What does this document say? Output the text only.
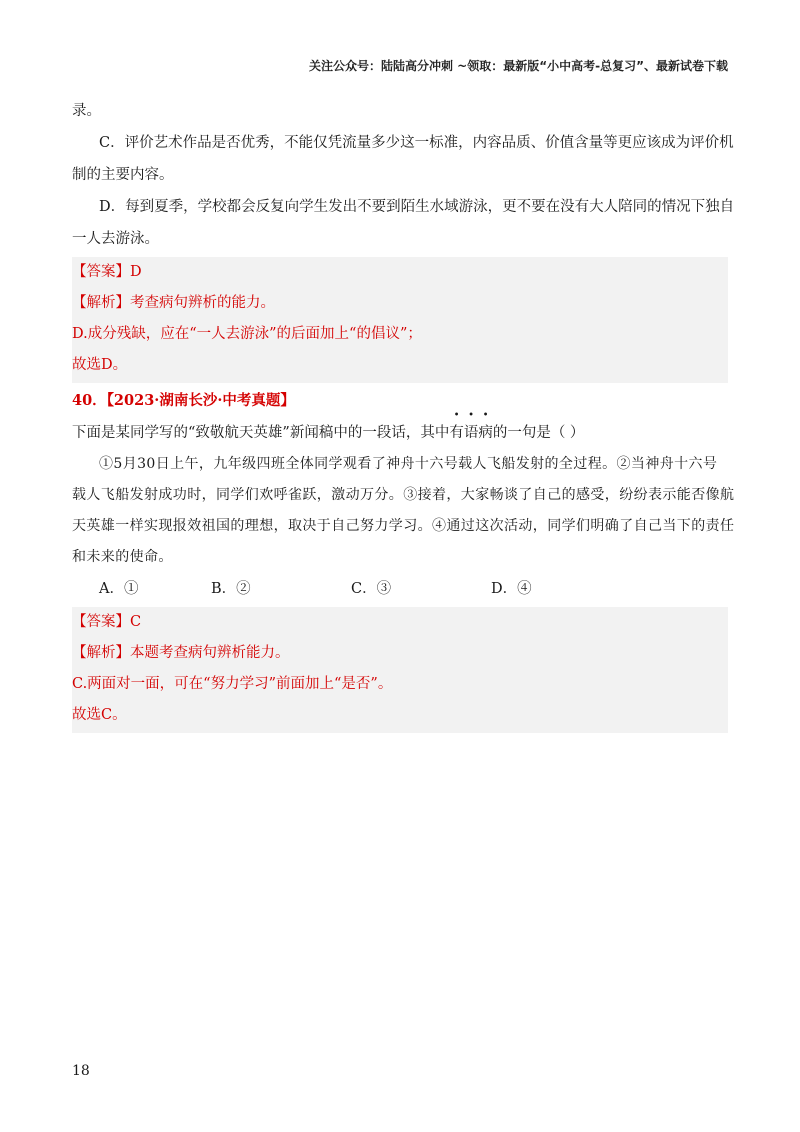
关注公众号：陆陆高分冲刺 ~领取：最新版“小中高考-总复习”、最新试卷下载
录。
C．评价艺术作品是否优秀，不能仅凭流量多少这一标准，内容品质、价值含量等更应该成为评价机
制的主要内容。
D．每到夏季，学校都会反复向学生发出不要到陌生水域游泳，更不要在没有大人陪同的情况下独自
一人去游泳。
【答案】D
【解析】考查病句辨析的能力。
D.成分残缺，应在“一人去游泳”的后面加上“的倡议”；
故选D。
40．【2023·湖南长沙·中考真题】
下面是某同学写的“致敬航天英雄”新闻稿中的一段话，其中
•
有
•
语
•
病的一句是（ ）
①5月30日上午，九年级四班全体同学观看了神舟十六号载人飞船发射的全过程。②当神舟十六号
载人飞船发射成功时，同学们欢呼雀跃，激动万分。③接着，大家畅谈了自己的感受，纷纷表示能否像航
天英雄一样实现报效祖国的理想，取决于自己努力学习。④通过这次活动，同学们明确了自己当下的责任
和未来的使命。
A．①	B．②	C．③	D．④
【答案】C
【解析】本题考查病句辨析能力。
C.两面对一面，可在“努力学习”前面加上“是否”。
故选C。
18
